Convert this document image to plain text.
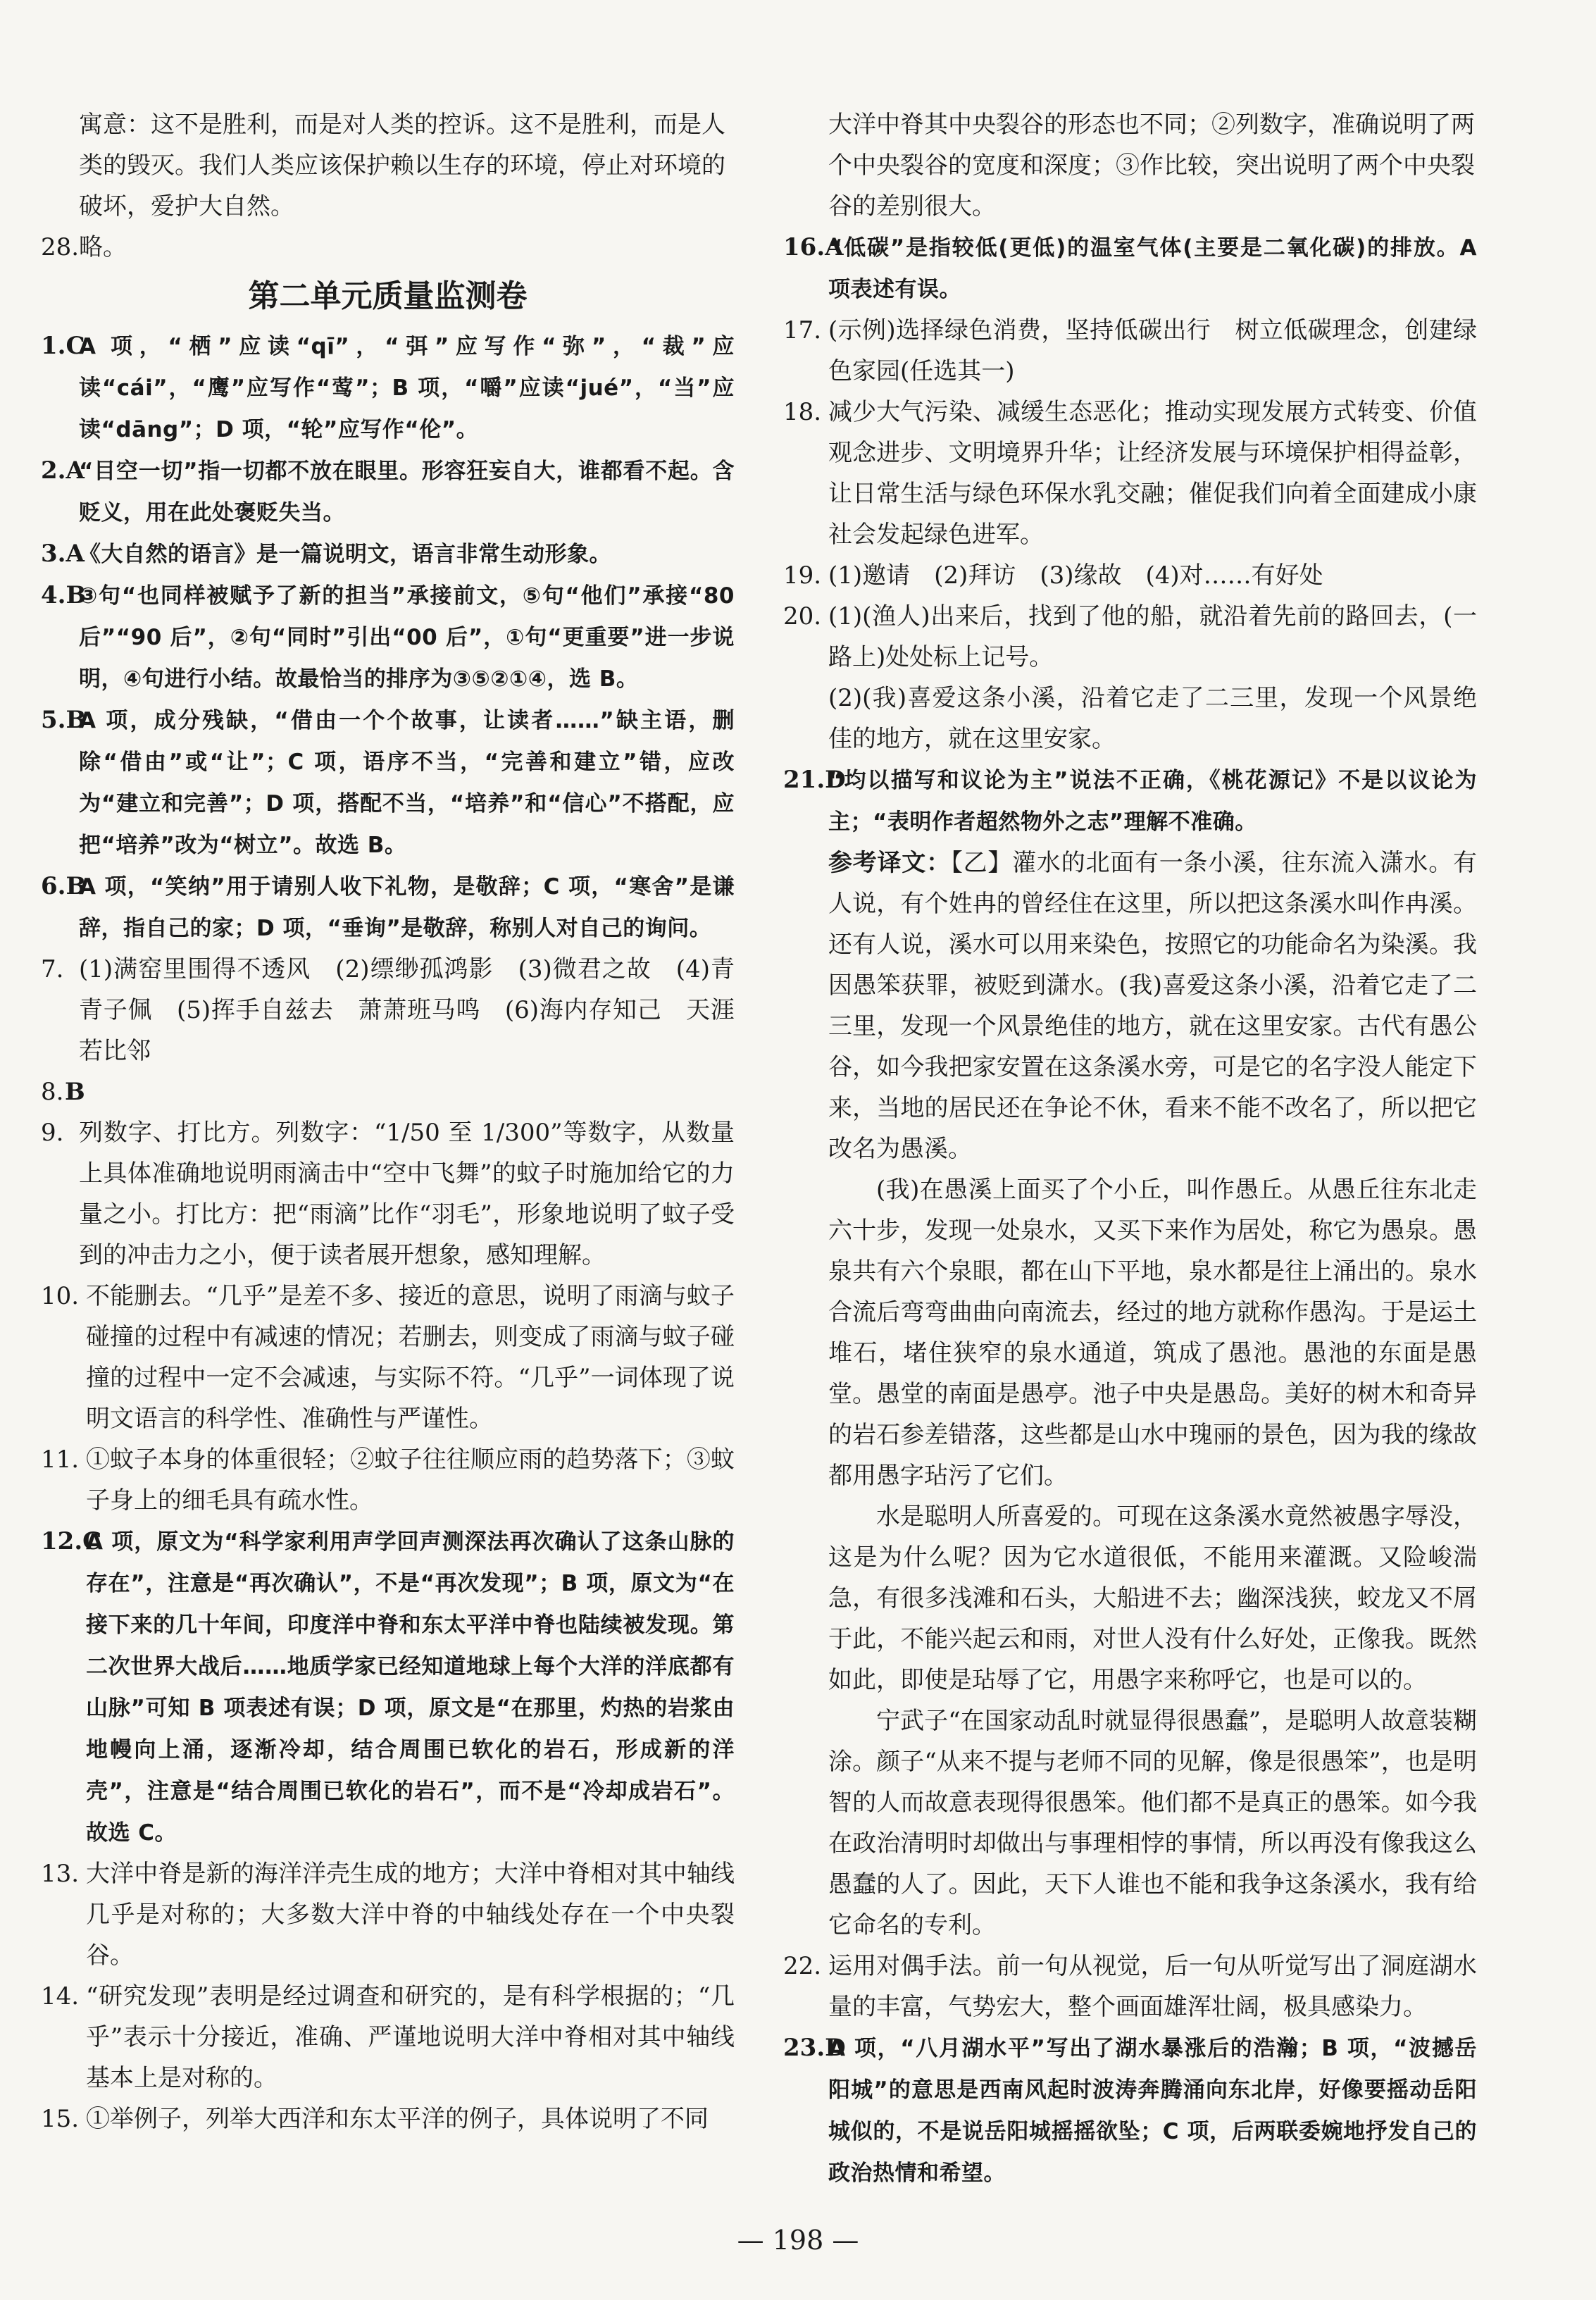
寓意：这不是胜利，而是对人类的控诉。这不是胜利，而是人类的毁灭。我们人类应该保护赖以生存的环境，停止对环境的破坏，爱护大自然。
28. 略。
第二单元质量监测卷
1.C
A 项，“栖”应读“qī”，“弭”应写作“弥”，“裁”应读“cái”，“鹰”应写作“莺”；B 项，“嚼”应读“jué”，“当”应读“dāng”；D 项，“轮”应写作“伦”。
2.A
“目空一切”指一切都不放在眼里。形容狂妄自大，谁都看不起。含贬义，用在此处褒贬失当。
3.A
《大自然的语言》是一篇说明文，语言非常生动形象。
4.B
③句“也同样被赋予了新的担当”承接前文，⑤句“他们”承接“80 后”“90 后”，②句“同时”引出“00 后”，①句“更重要”进一步说明，④句进行小结。故最恰当的排序为③⑤②①④，选 B。
5.B
A 项，成分残缺，“借由一个个故事，让读者……”缺主语，删除“借由”或“让”；C 项，语序不当，“完善和建立”错，应改为“建立和完善”；D 项，搭配不当，“培养”和“信心”不搭配，应把“培养”改为“树立”。故选 B。
6.B
A 项，“笑纳”用于请别人收下礼物，是敬辞；C 项，“寒舍”是谦辞，指自己的家；D 项，“垂询”是敬辞，称别人对自己的询问。
7. (1)满窑里围得不透风　(2)缥缈孤鸿影　(3)微君之故　(4)青青子佩　(5)挥手自兹去　萧萧班马鸣　(6)海内存知己　天涯若比邻
8. B
9. 列数字、打比方。列数字：“1/50 至 1/300”等数字，从数量上具体准确地说明雨滴击中“空中飞舞”的蚊子时施加给它的力量之小。打比方：把“雨滴”比作“羽毛”，形象地说明了蚊子受到的冲击力之小，便于读者展开想象，感知理解。
10. 不能删去。“几乎”是差不多、接近的意思，说明了雨滴与蚊子碰撞的过程中有减速的情况；若删去，则变成了雨滴与蚊子碰撞的过程中一定不会减速，与实际不符。“几乎”一词体现了说明文语言的科学性、准确性与严谨性。
11. ①蚊子本身的体重很轻；②蚊子往往顺应雨的趋势落下；③蚊子身上的细毛具有疏水性。
12.C
A 项，原文为“科学家利用声学回声测深法再次确认了这条山脉的存在”，注意是“再次确认”，不是“再次发现”；B 项，原文为“在接下来的几十年间，印度洋中脊和东太平洋中脊也陆续被发现。第二次世界大战后……地质学家已经知道地球上每个大洋的洋底都有山脉”可知 B 项表述有误；D 项，原文是“在那里，灼热的岩浆由地幔向上涌，逐渐冷却，结合周围已软化的岩石，形成新的洋壳”，注意是“结合周围已软化的岩石”，而不是“冷却成岩石”。故选 C。
13. 大洋中脊是新的海洋洋壳生成的地方；大洋中脊相对其中轴线几乎是对称的；大多数大洋中脊的中轴线处存在一个中央裂谷。
14. “研究发现”表明是经过调查和研究的，是有科学根据的；“几乎”表示十分接近，准确、严谨地说明大洋中脊相对其中轴线基本上是对称的。
15. ①举例子，列举大西洋和东太平洋的例子，具体说明了不同
大洋中脊其中央裂谷的形态也不同；②列数字，准确说明了两个中央裂谷的宽度和深度；③作比较，突出说明了两个中央裂谷的差别很大。
16.A
“低碳”是指较低(更低)的温室气体(主要是二氧化碳)的排放。A 项表述有误。
17. (示例)选择绿色消费，坚持低碳出行　树立低碳理念，创建绿色家园(任选其一)
18. 减少大气污染、减缓生态恶化；推动实现发展方式转变、价值观念进步、文明境界升华；让经济发展与环境保护相得益彰，让日常生活与绿色环保水乳交融；催促我们向着全面建成小康社会发起绿色进军。
19. (1)邀请　(2)拜访　(3)缘故　(4)对……有好处
20. (1)(渔人)出来后，找到了他的船，就沿着先前的路回去，(一路上)处处标上记号。
(2)(我)喜爱这条小溪，沿着它走了二三里，发现一个风景绝佳的地方，就在这里安家。
21.D
“均以描写和议论为主”说法不正确，《桃花源记》不是以议论为主；“表明作者超然物外之志”理解不准确。
参考译文：【乙】灌水的北面有一条小溪，往东流入潇水。有人说，有个姓冉的曾经住在这里，所以把这条溪水叫作冉溪。还有人说，溪水可以用来染色，按照它的功能命名为染溪。我因愚笨获罪，被贬到潇水。(我)喜爱这条小溪，沿着它走了二三里，发现一个风景绝佳的地方，就在这里安家。古代有愚公谷，如今我把家安置在这条溪水旁，可是它的名字没人能定下来，当地的居民还在争论不休，看来不能不改名了，所以把它改名为愚溪。
(我)在愚溪上面买了个小丘，叫作愚丘。从愚丘往东北走六十步，发现一处泉水，又买下来作为居处，称它为愚泉。愚泉共有六个泉眼，都在山下平地，泉水都是往上涌出的。泉水合流后弯弯曲曲向南流去，经过的地方就称作愚沟。于是运土堆石，堵住狭窄的泉水通道，筑成了愚池。愚池的东面是愚堂。愚堂的南面是愚亭。池子中央是愚岛。美好的树木和奇异的岩石参差错落，这些都是山水中瑰丽的景色，因为我的缘故都用愚字玷污了它们。
水是聪明人所喜爱的。可现在这条溪水竟然被愚字辱没，这是为什么呢？因为它水道很低，不能用来灌溉。又险峻湍急，有很多浅滩和石头，大船进不去；幽深浅狭，蛟龙又不屑于此，不能兴起云和雨，对世人没有什么好处，正像我。既然如此，即使是玷辱了它，用愚字来称呼它，也是可以的。
宁武子“在国家动乱时就显得很愚蠢”，是聪明人故意装糊涂。颜子“从来不提与老师不同的见解，像是很愚笨”，也是明智的人而故意表现得很愚笨。他们都不是真正的愚笨。如今我在政治清明时却做出与事理相悖的事情，所以再没有像我这么愚蠢的人了。因此，天下人谁也不能和我争这条溪水，我有给它命名的专利。
22. 运用对偶手法。前一句从视觉，后一句从听觉写出了洞庭湖水量的丰富，气势宏大，整个画面雄浑壮阔，极具感染力。
23.D
A 项，“八月湖水平”写出了湖水暴涨后的浩瀚；B 项，“波撼岳阳城”的意思是西南风起时波涛奔腾涌向东北岸，好像要摇动岳阳城似的，不是说岳阳城摇摇欲坠；C 项，后两联委婉地抒发自己的政治热情和希望。
— 198 —
